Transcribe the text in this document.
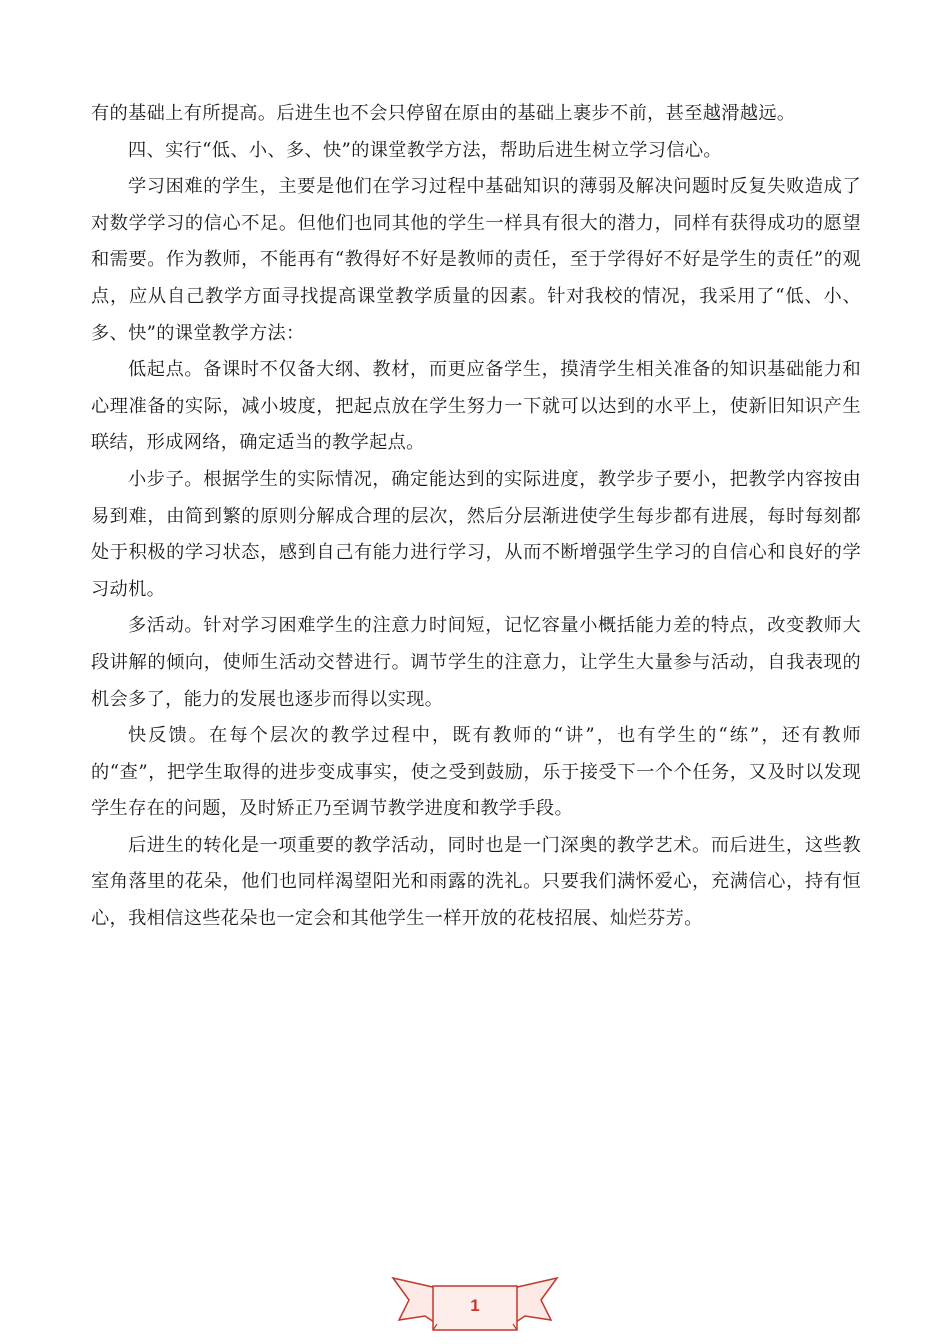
有的基础上有所提高。后进生也不会只停留在原由的基础上裹步不前，甚至越滑越远。

四、实行“低、小、多、快”的课堂教学方法，帮助后进生树立学习信心。

学习困难的学生，主要是他们在学习过程中基础知识的薄弱及解决问题时反复失败造成了对数学学习的信心不足。但他们也同其他的学生一样具有很大的潜力，同样有获得成功的愿望和需要。作为教师，不能再有“教得好不好是教师的责任，至于学得好不好是学生的责任”的观点，应从自己教学方面寻找提高课堂教学质量的因素。针对我校的情况，我采用了“低、小、多、快”的课堂教学方法：

低起点。备课时不仅备大纲、教材，而更应备学生，摸清学生相关准备的知识基础能力和心理准备的实际，减小坡度，把起点放在学生努力一下就可以达到的水平上，使新旧知识产生联结，形成网络，确定适当的教学起点。

小步子。根据学生的实际情况，确定能达到的实际进度，教学步子要小，把教学内容按由易到难，由简到繁的原则分解成合理的层次，然后分层渐进使学生每步都有进展，每时每刻都处于积极的学习状态，感到自己有能力进行学习，从而不断增强学生学习的自信心和良好的学习动机。

多活动。针对学习困难学生的注意力时间短，记忆容量小概括能力差的特点，改变教师大段讲解的倾向，使师生活动交替进行。调节学生的注意力，让学生大量参与活动，自我表现的机会多了，能力的发展也逐步而得以实现。

快反馈。在每个层次的教学过程中，既有教师的“讲”，也有学生的“练”，还有教师的“查”，把学生取得的进步变成事实，使之受到鼓励，乐于接受下一个个任务，又及时以发现学生存在的问题，及时矫正乃至调节教学进度和教学手段。

后进生的转化是一项重要的教学活动，同时也是一门深奥的教学艺术。而后进生，这些教室角落里的花朵，他们也同样渴望阳光和雨露的洗礼。只要我们满怀爱心，充满信心，持有恒心，我相信这些花朵也一定会和其他学生一样开放的花枝招展、灿烂芬芳。

1
